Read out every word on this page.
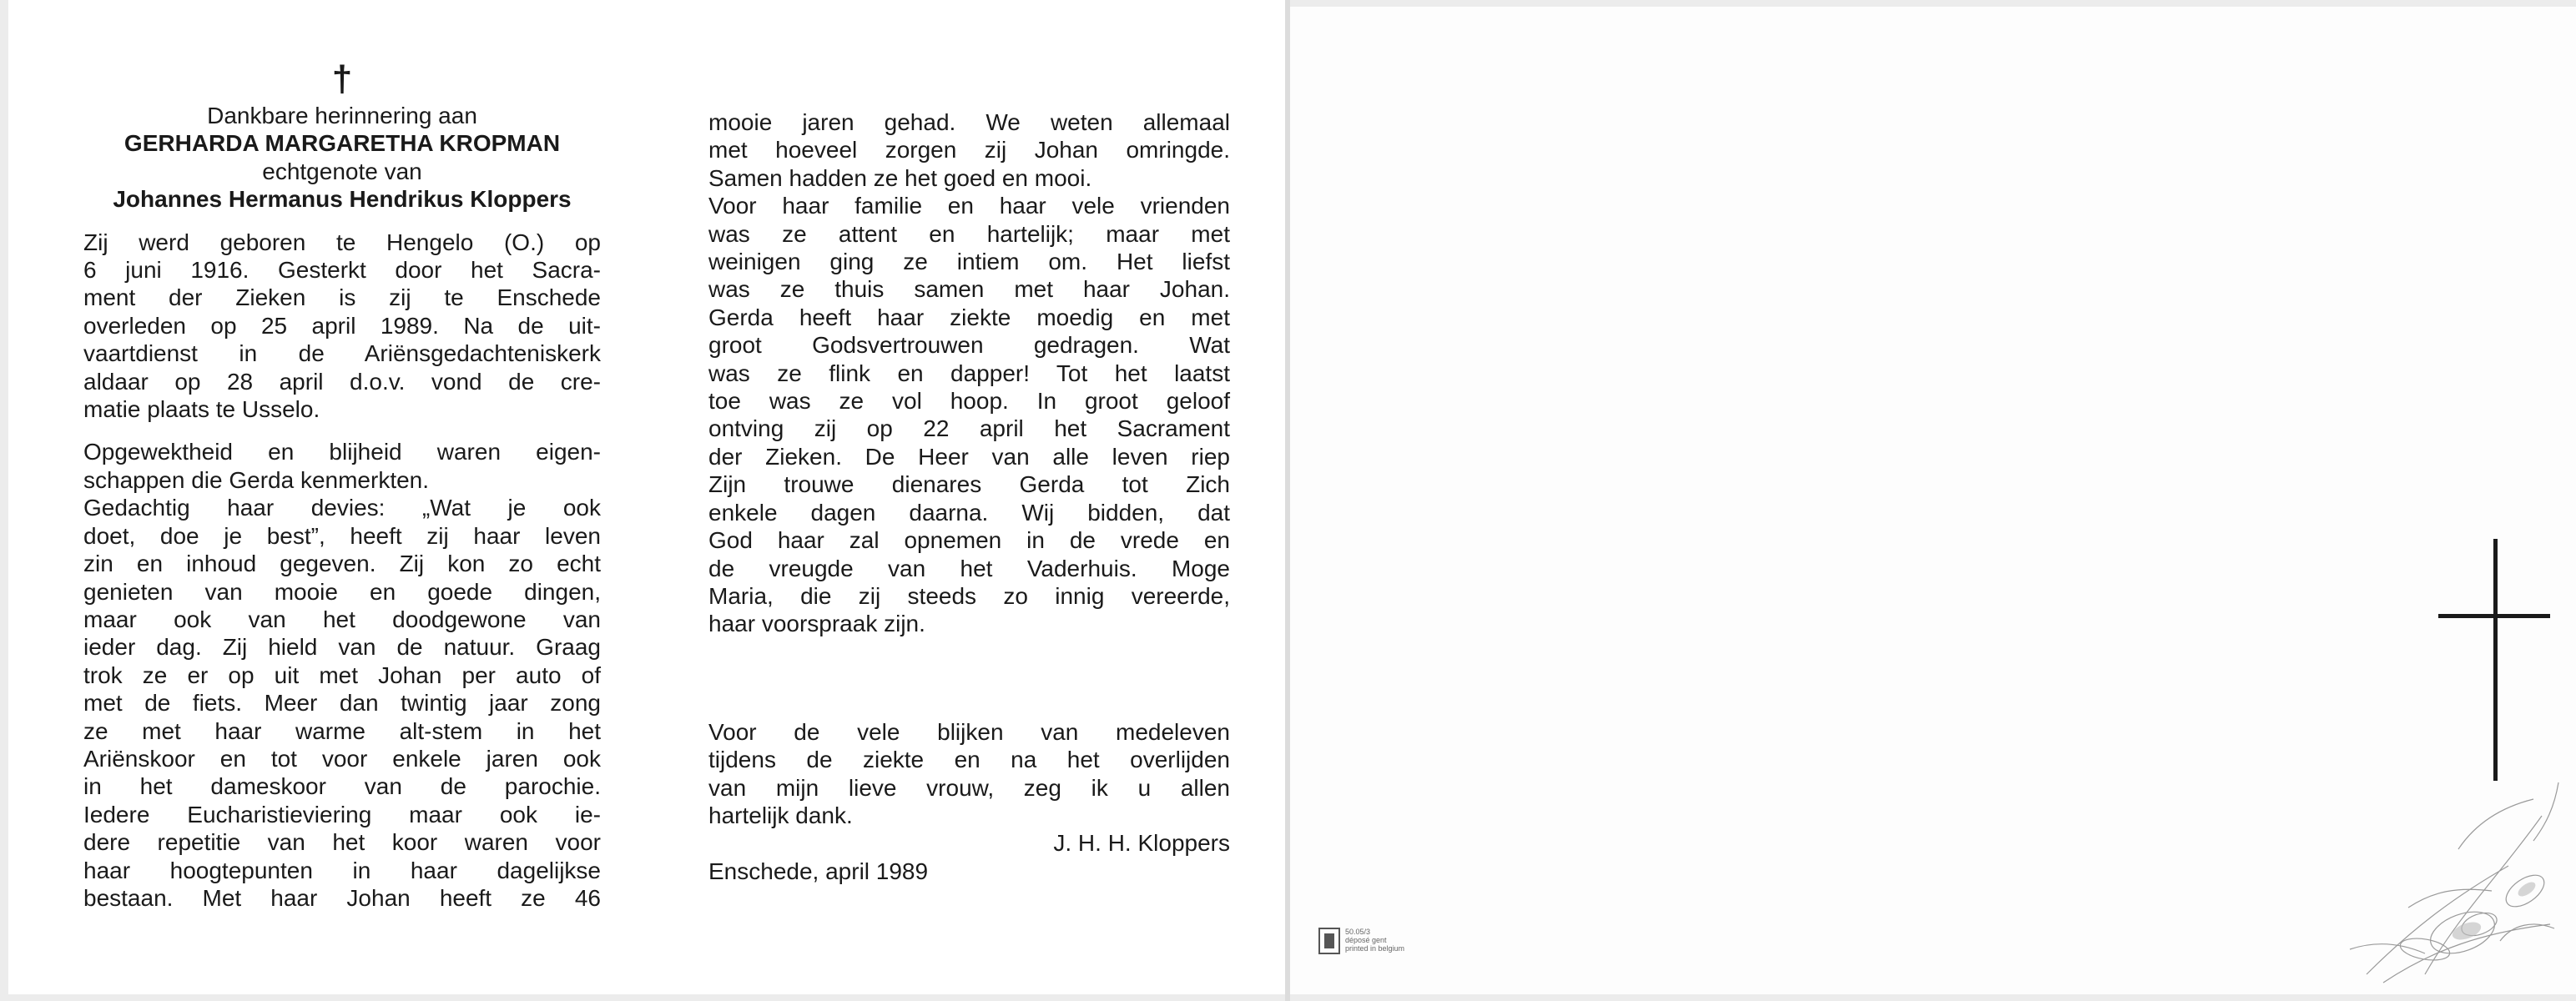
†

Dankbare herinnering aan

GERHARDA MARGARETHA KROPMAN

echtgenote van

Johannes Hermanus Hendrikus Kloppers

Zij werd geboren te Hengelo (O.) op

6 juni 1916. Gesterkt door het Sacra-

ment der Zieken is zij te Enschede

overleden op 25 april 1989. Na de uit-

vaartdienst in de Ariënsgedachteniskerk

aldaar op 28 april d.o.v. vond de cre-

matie plaats te Usselo.

Opgewektheid en blijheid waren eigen-

schappen die Gerda kenmerkten.

Gedachtig haar devies: „Wat je ook

doet, doe je best”, heeft zij haar leven

zin en inhoud gegeven. Zij kon zo echt

genieten van mooie en goede dingen,

maar ook van het doodgewone van

ieder dag. Zij hield van de natuur. Graag

trok ze er op uit met Johan per auto of

met de fiets. Meer dan twintig jaar zong

ze met haar warme alt-stem in het

Ariënskoor en tot voor enkele jaren ook

in het dameskoor van de parochie.

Iedere Eucharistieviering maar ook ie-

dere repetitie van het koor waren voor

haar hoogtepunten in haar dagelijkse

bestaan. Met haar Johan heeft ze 46

mooie jaren gehad. We weten allemaal

met hoeveel zorgen zij Johan omringde.

Samen hadden ze het goed en mooi.

Voor haar familie en haar vele vrienden

was ze attent en hartelijk; maar met

weinigen ging ze intiem om. Het liefst

was ze thuis samen met haar Johan.

Gerda heeft haar ziekte moedig en met

groot Godsvertrouwen gedragen. Wat

was ze flink en dapper! Tot het laatst

toe was ze vol hoop. In groot geloof

ontving zij op 22 april het Sacrament

der Zieken. De Heer van alle leven riep

Zijn trouwe dienares Gerda tot Zich

enkele dagen daarna. Wij bidden, dat

God haar zal opnemen in de vrede en

de vreugde van het Vaderhuis. Moge

Maria, die zij steeds zo innig vereerde,

haar voorspraak zijn.

Voor de vele blijken van medeleven

tijdens de ziekte en na het overlijden

van mijn lieve vrouw, zeg ik u allen

hartelijk dank.

J. H. H. Kloppers

Enschede, april 1989

50.05/3
déposé gent
printed in belgium
